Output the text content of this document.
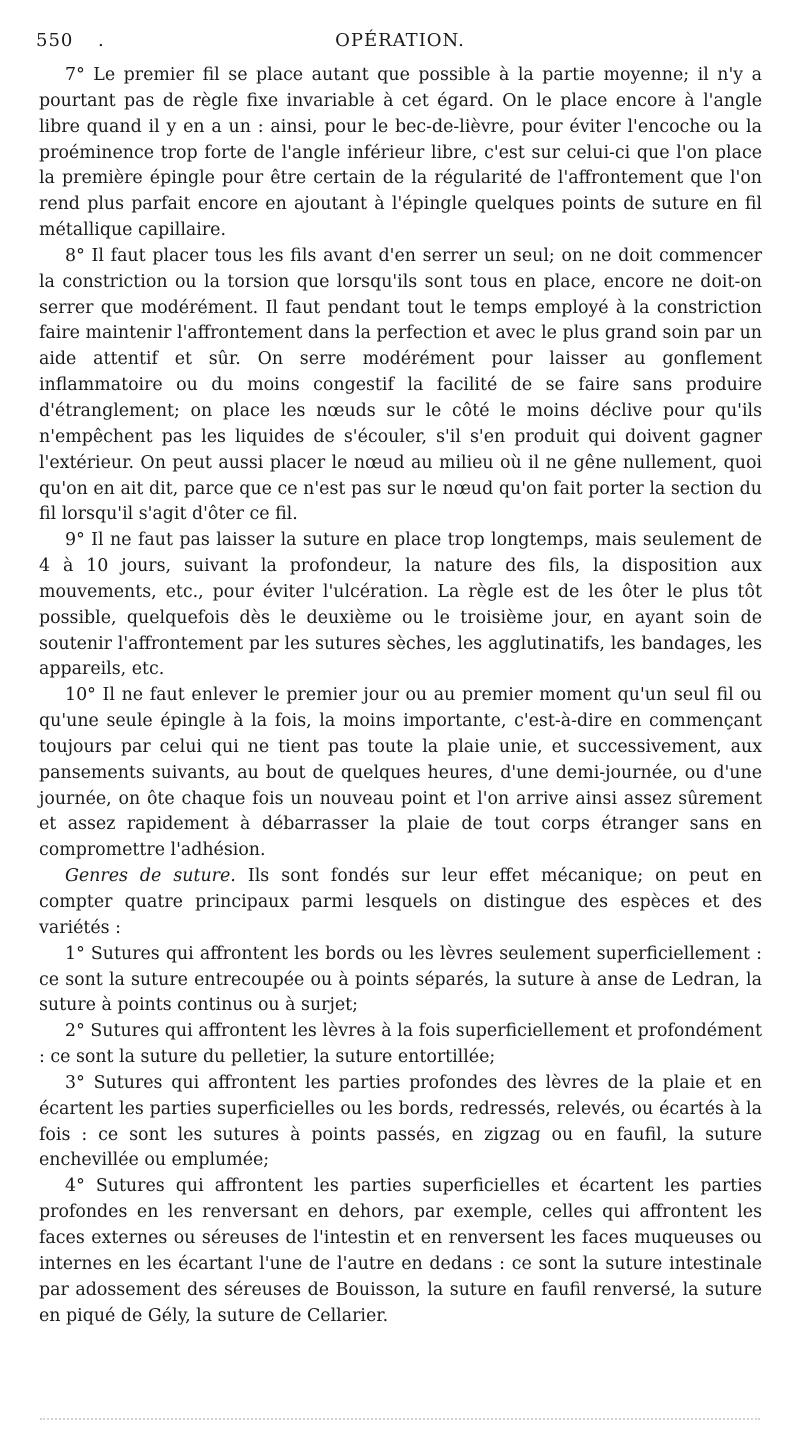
550 .	OPÉRATION.

7° Le premier fil se place autant que possible à la partie moyenne; il n'y a pourtant pas de règle fixe invariable à cet égard. On le place encore à l'angle libre quand il y en a un : ainsi, pour le bec-de-lièvre, pour éviter l'encoche ou la proéminence trop forte de l'angle inférieur libre, c'est sur celui-ci que l'on place la première épingle pour être certain de la régularité de l'affrontement que l'on rend plus parfait encore en ajoutant à l'épingle quelques points de suture en fil métallique capillaire.

8° Il faut placer tous les fils avant d'en serrer un seul; on ne doit commencer la constriction ou la torsion que lorsqu'ils sont tous en place, encore ne doit-on serrer que modérément. Il faut pendant tout le temps employé à la constriction faire maintenir l'affrontement dans la perfection et avec le plus grand soin par un aide attentif et sûr. On serre modérément pour laisser au gonflement inflammatoire ou du moins congestif la facilité de se faire sans produire d'étranglement; on place les nœuds sur le côté le moins déclive pour qu'ils n'empêchent pas les liquides de s'écouler, s'il s'en produit qui doivent gagner l'extérieur. On peut aussi placer le nœud au milieu où il ne gêne nullement, quoi qu'on en ait dit, parce que ce n'est pas sur le nœud qu'on fait porter la section du fil lorsqu'il s'agit d'ôter ce fil.

9° Il ne faut pas laisser la suture en place trop longtemps, mais seulement de 4 à 10 jours, suivant la profondeur, la nature des fils, la disposition aux mouvements, etc., pour éviter l'ulcération. La règle est de les ôter le plus tôt possible, quelquefois dès le deuxième ou le troisième jour, en ayant soin de soutenir l'affrontement par les sutures sèches, les agglutinatifs, les bandages, les appareils, etc.

10° Il ne faut enlever le premier jour ou au premier moment qu'un seul fil ou qu'une seule épingle à la fois, la moins importante, c'est-à-dire en commençant toujours par celui qui ne tient pas toute la plaie unie, et successivement, aux pansements suivants, au bout de quelques heures, d'une demi-journée, ou d'une journée, on ôte chaque fois un nouveau point et l'on arrive ainsi assez sûrement et assez rapidement à débarrasser la plaie de tout corps étranger sans en compromettre l'adhésion.

Genres de suture. Ils sont fondés sur leur effet mécanique; on peut en compter quatre principaux parmi lesquels on distingue des espèces et des variétés :

1° Sutures qui affrontent les bords ou les lèvres seulement superficiellement : ce sont la suture entrecoupée ou à points séparés, la suture à anse de Ledran, la suture à points continus ou à surjet;

2° Sutures qui affrontent les lèvres à la fois superficiellement et profondément : ce sont la suture du pelletier, la suture entortillée;

3° Sutures qui affrontent les parties profondes des lèvres de la plaie et en écartent les parties superficielles ou les bords, redressés, relevés, ou écartés à la fois : ce sont les sutures à points passés, en zigzag ou en faufil, la suture enchevillée ou emplumée;

4° Sutures qui affrontent les parties superficielles et écartent les parties profondes en les renversant en dehors, par exemple, celles qui affrontent les faces externes ou séreuses de l'intestin et en renversent les faces muqueuses ou internes en les écartant l'une de l'autre en dedans : ce sont la suture intestinale par adossement des séreuses de Bouisson, la suture en faufil renversé, la suture en piqué de Gély, la suture de Cellarier.
